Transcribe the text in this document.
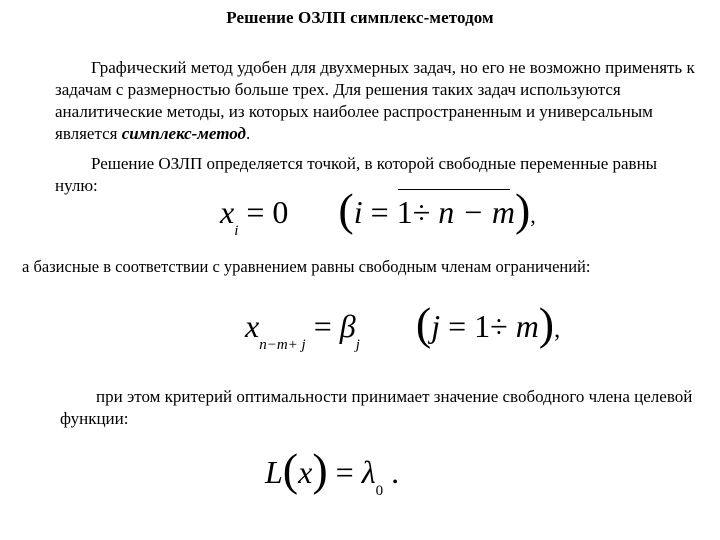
Решение ОЗЛП симплекс-методом
Графический метод удобен для двухмерных задач, но его не возможно применять к задачам с размерностью больше трех. Для решения таких задач используются аналитические методы, из которых наиболее распространенным и универсальным является симплекс-метод.
Решение ОЗЛП определяется точкой, в которой свободные переменные равны нулю:
$x_i = 0$ (i = 1÷ n − m),
а базисные в соответствии с уравнением равны свободным членам ограничений:
$x_{n-m+ j} = \beta_j$ (j = 1÷ m),
при этом критерий оптимальности принимает значение свободного члена целевой функции:
$L(x) = \lambda_0$ .
